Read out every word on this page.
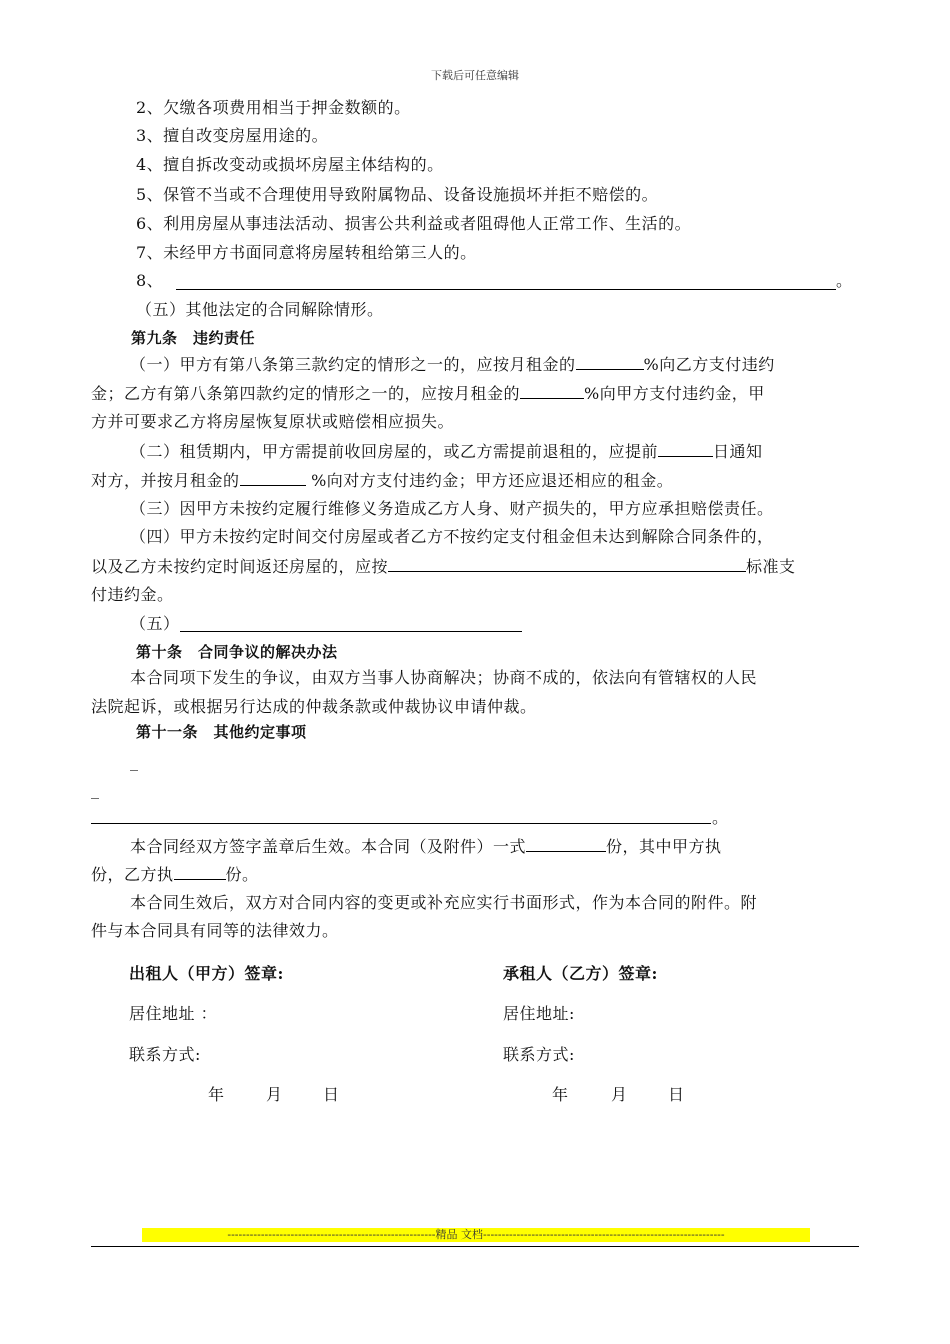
下载后可任意编辑
2、欠缴各项费用相当于押金数额的。
3、擅自改变房屋用途的。
4、擅自拆改变动或损坏房屋主体结构的。
5、保管不当或不合理使用导致附属物品、设备设施损坏并拒不赔偿的。
6、利用房屋从事违法活动、损害公共利益或者阻碍他人正常工作、生活的。
7、未经甲方书面同意将房屋转租给第三人的。
8、	。
（五）其他法定的合同解除情形。
第九条　违约责任
（一）甲方有第八条第三款约定的情形之一的，应按月租金的	%向乙方支付违约
金；乙方有第八条第四款约定的情形之一的，应按月租金的	%向甲方支付违约金，甲
方并可要求乙方将房屋恢复原状或赔偿相应损失。
（二）租赁期内，甲方需提前收回房屋的，或乙方需提前退租的，应提前	日通知
对方，并按月租金的	%向对方支付违约金；甲方还应退还相应的租金。
（三）因甲方未按约定履行维修义务造成乙方人身、财产损失的，甲方应承担赔偿责任。
（四）甲方未按约定时间交付房屋或者乙方不按约定支付租金但未达到解除合同条件的，
以及乙方未按约定时间返还房屋的，应按	标准支
付违约金。
（五）
第十条　合同争议的解决办法
本合同项下发生的争议，由双方当事人协商解决；协商不成的，依法向有管辖权的人民
法院起诉，或根据另行达成的仲裁条款或仲裁协议申请仲裁。
第十一条　其他约定事项
_
_
。
本合同经双方签字盖章后生效。本合同（及附件）一式	份，其中甲方执
份，乙方执	份。
本合同生效后，双方对合同内容的变更或补充应实行书面形式，作为本合同的附件。附
件与本合同具有同等的法律效力。
出租人（甲方）签章:	承租人（乙方）签章:
居住地址 ：	居住地址:
联系方式:	联系方式:
年	月	日	年	月	日
--------------------------------------------------------精品 文档-----------------------------------------------------------------
